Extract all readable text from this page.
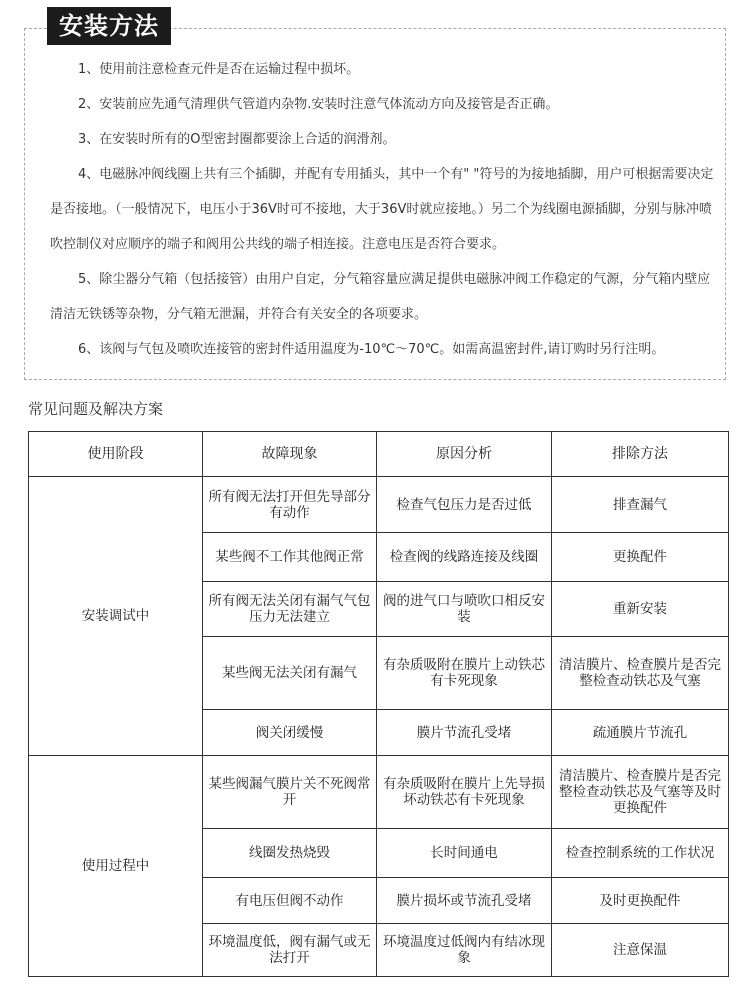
安装方法

1、使用前注意检查元件是否在运输过程中损坏。

2、安装前应先通气清理供气管道内杂物.安装时注意气体流动方向及接管是否正确。

3、在安装时所有的O型密封圈都要涂上合适的润滑剂。

4、电磁脉冲阀线圈上共有三个插脚，并配有专用插头，其中一个有" "符号的为接地插脚，用户可根据需要决定是否接地。（一般情况下，电压小于36V时可不接地，大于36V时就应接地。）另二个为线圈电源插脚，分别与脉冲喷吹控制仪对应顺序的端子和阀用公共线的端子相连接。注意电压是否符合要求。

5、除尘器分气箱（包括接管）由用户自定，分气箱容量应满足提供电磁脉冲阀工作稳定的气源，分气箱内壁应清洁无铁锈等杂物，分气箱无泄漏，并符合有关安全的各项要求。

6、该阀与气包及喷吹连接管的密封件适用温度为-10℃～70℃。如需高温密封件,请订购时另行注明。

常见问题及解决方案
使用阶段	故障现象	原因分析	排除方法
安装调试中	所有阀无法打开但先导部分有动作	检查气包压力是否过低	排查漏气
	某些阀不工作其他阀正常	检查阀的线路连接及线圈	更换配件
	所有阀无法关闭有漏气气包压力无法建立	阀的进气口与喷吹口相反安装	重新安装
	某些阀无法关闭有漏气	有杂质吸附在膜片上动铁芯有卡死现象	清洁膜片、检查膜片是否完整检查动铁芯及气塞
	阀关闭缓慢	膜片节流孔受堵	疏通膜片节流孔
使用过程中	某些阀漏气膜片关不死阀常开	有杂质吸附在膜片上先导损坏动铁芯有卡死现象	清洁膜片、检查膜片是否完整检查动铁芯及气塞等及时更换配件
	线圈发热烧毁	长时间通电	检查控制系统的工作状况
	有电压但阀不动作	膜片损坏或节流孔受堵	及时更换配件
	环境温度低，阀有漏气或无法打开	环境温度过低阀内有结冰现象	注意保温
